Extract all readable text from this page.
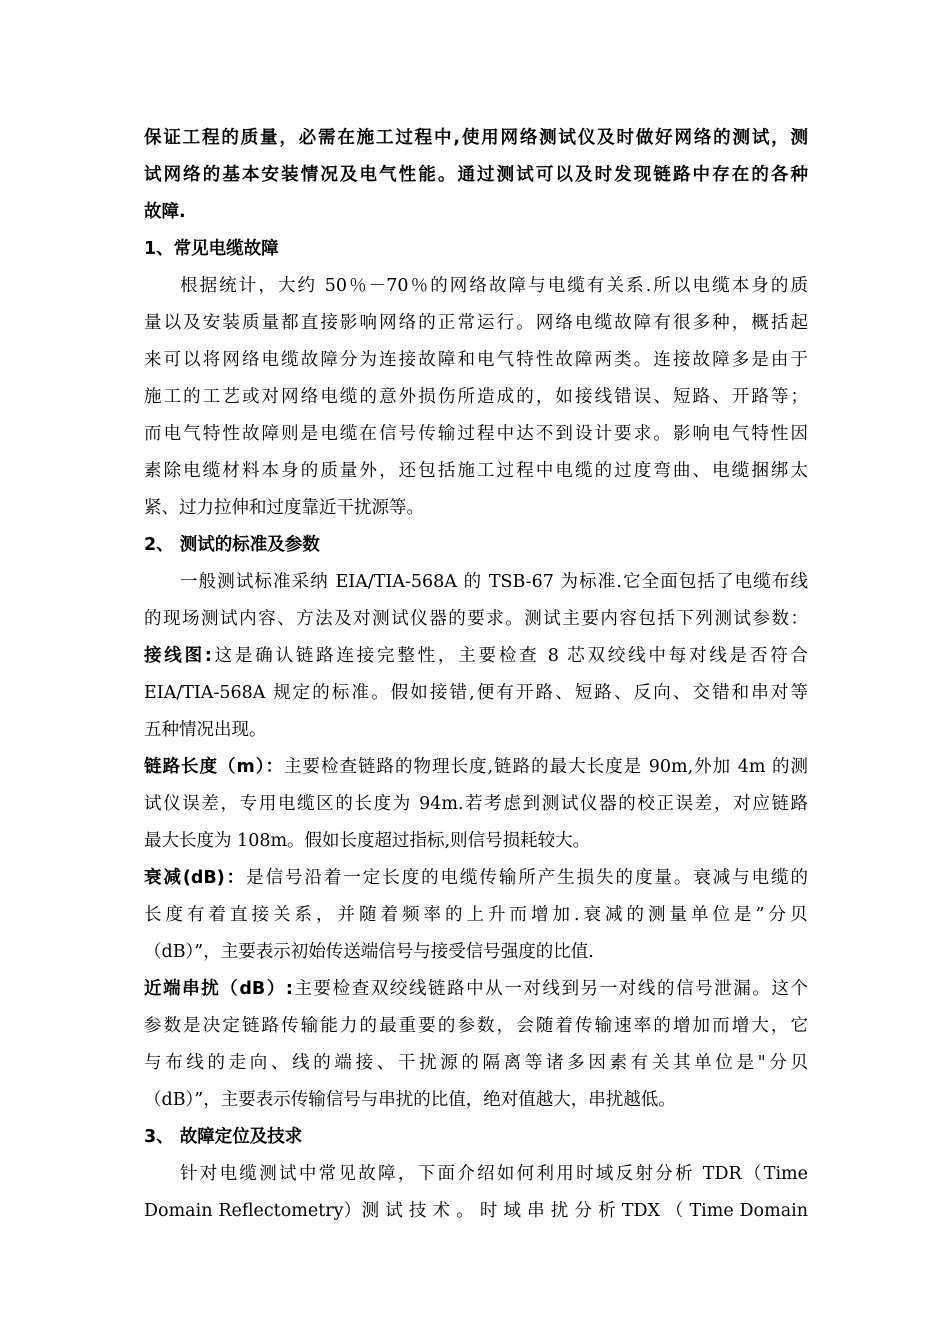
保证工程的质量，必需在施工过程中,使用网络测试仪及时做好网络的测试，测
试网络的基本安装情况及电气性能。通过测试可以及时发现链路中存在的各种
故障.
1、常见电缆故障
根据统计，大约 50％－70％的网络故障与电缆有关系.所以电缆本身的质
量以及安装质量都直接影响网络的正常运行。网络电缆故障有很多种，概括起
来可以将网络电缆故障分为连接故障和电气特性故障两类。连接故障多是由于
施工的工艺或对网络电缆的意外损伤所造成的，如接线错误、短路、开路等；
而电气特性故障则是电缆在信号传输过程中达不到设计要求。影响电气特性因
素除电缆材料本身的质量外，还包括施工过程中电缆的过度弯曲、电缆捆绑太
紧、过力拉伸和过度靠近干扰源等。
2、 测试的标准及参数
一般测试标准采纳 EIA/TIA-568A 的 TSB-67 为标准.它全面包括了电缆布线
的现场测试内容、方法及对测试仪器的要求。测试主要内容包括下列测试参数：
接线图:这是确认链路连接完整性，主要检查 8 芯双绞线中每对线是否符合
EIA/TIA-568A 规定的标准。假如接错,便有开路、短路、反向、交错和串对等
五种情况出现。
链路长度（m）：主要检查链路的物理长度,链路的最大长度是 90m,外加 4m 的测
试仪误差，专用电缆区的长度为 94m.若考虑到测试仪器的校正误差，对应链路
最大长度为 108m。假如长度超过指标,则信号损耗较大。
衰减(dB)：是信号沿着一定长度的电缆传输所产生损失的度量。衰减与电缆的
长度有着直接关系，并随着频率的上升而增加.衰减的测量单位是”分贝
（dB）”，主要表示初始传送端信号与接受信号强度的比值.
近端串扰（dB）:主要检查双绞线链路中从一对线到另一对线的信号泄漏。这个
参数是决定链路传输能力的最重要的参数，会随着传输速率的增加而增大，它
与布线的走向、线的端接、干扰源的隔离等诸多因素有关其单位是"分贝
（dB）”，主要表示传输信号与串扰的比值，绝对值越大，串扰越低。
3、 故障定位及技求
针对电缆测试中常见故障，下面介绍如何利用时域反射分析 TDR（Time
Domain Reflectometry）测 试 技 术 。 时 域 串 扰 分 析 TDX （ Time Domain
